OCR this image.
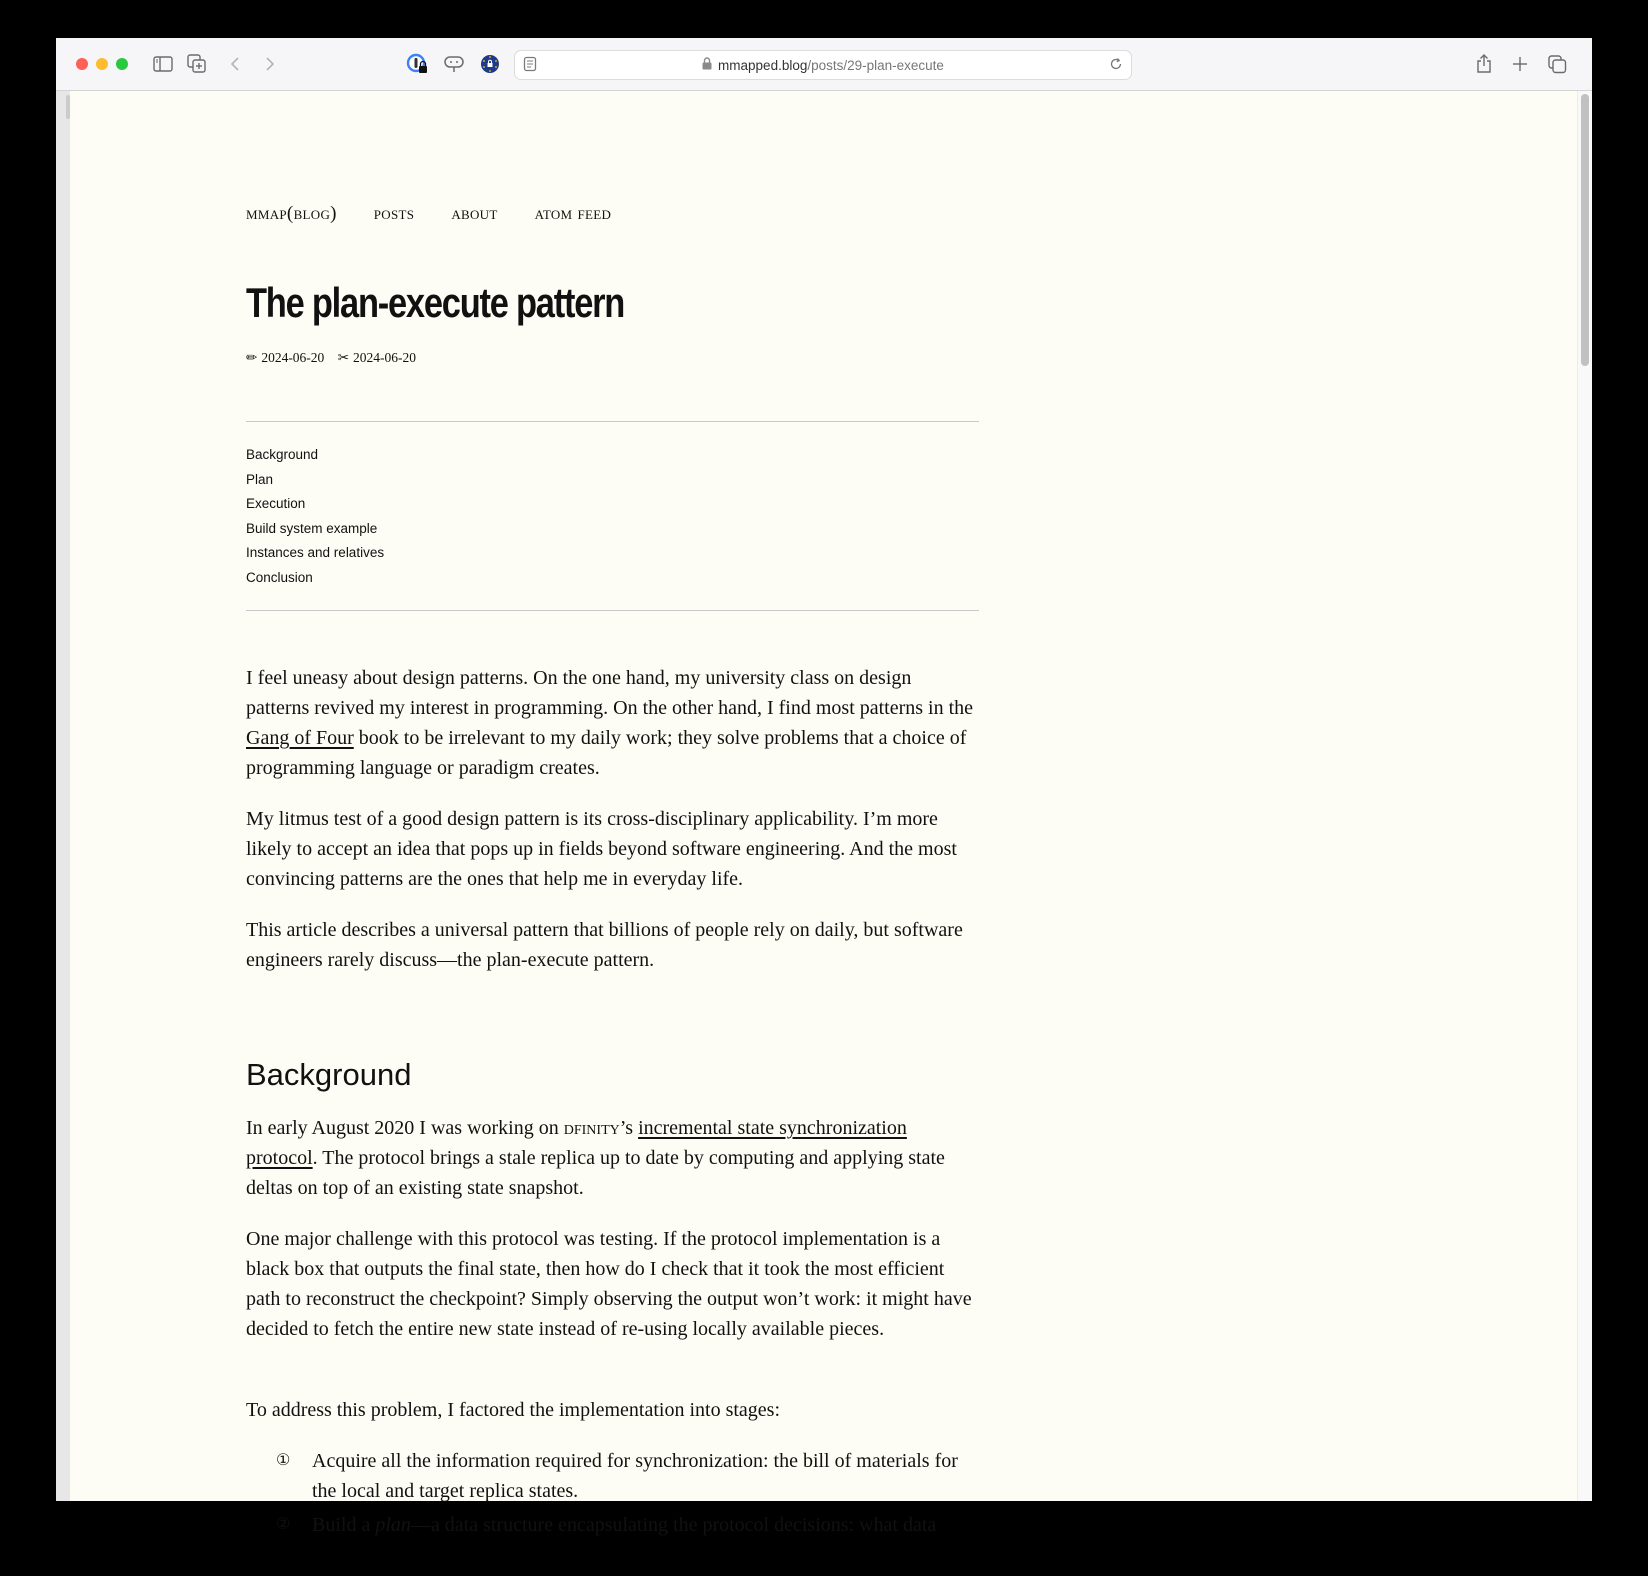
mmapped.blog /posts/29-plan-execute
mmap(blog) posts about atom feed
The plan-execute pattern
✏ 2024-06-20 ✂ 2024-06-20
Background
Plan
Execution
Build system example
Instances and relatives
Conclusion

I feel uneasy about design patterns. On the one hand, my university class on design patterns revived my interest in programming. On the other hand, I find most patterns in the Gang of Four book to be irrelevant to my daily work; they solve problems that a choice of programming language or paradigm creates.

My litmus test of a good design pattern is its cross-disciplinary applicability. I’m more likely to accept an idea that pops up in fields beyond software engineering. And the most convincing patterns are the ones that help me in everyday life.

This article describes a universal pattern that billions of people rely on daily, but software engineers rarely discuss—the plan-execute pattern.

Background

In early August 2020 I was working on dfinity’s incremental state synchronization protocol. The protocol brings a stale replica up to date by computing and applying state deltas on top of an existing state snapshot.

One major challenge with this protocol was testing. If the protocol implementation is a black box that outputs the final state, then how do I check that it took the most efficient path to reconstruct the checkpoint? Simply observing the output won’t work: it might have decided to fetch the entire new state instead of re-using locally available pieces.

To address this problem, I factored the implementation into stages:

① Acquire all the information required for synchronization: the bill of materials for the local and target replica states.
② Build a plan—a data structure encapsulating the protocol decisions: what data
